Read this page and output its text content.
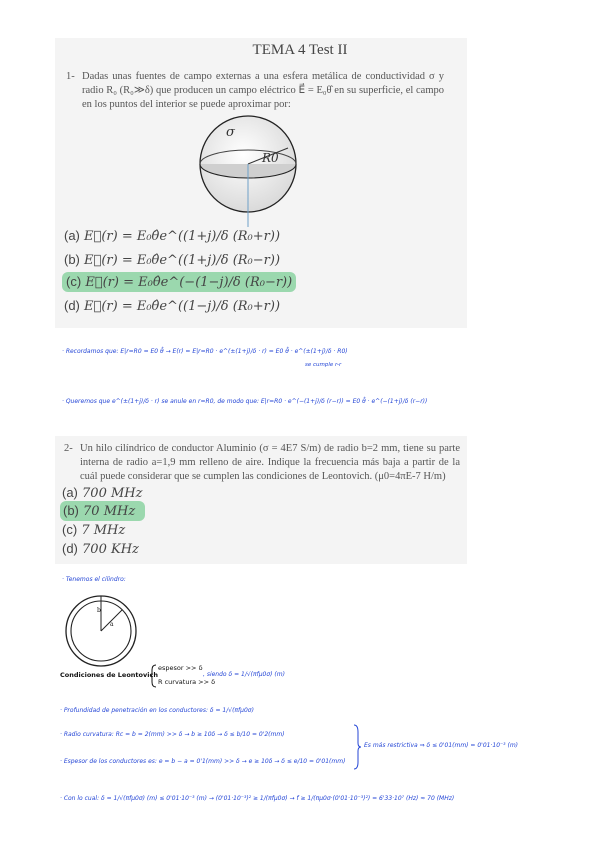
TEMA 4 Test II
1- Dadas unas fuentes de campo externas a una esfera metálica de conductividad σ y radio R₀ (R₀≫δ) que producen un campo eléctrico E⃗ = E₀θ̂ en su superficie, el campo en los puntos del interior se puede aproximar por:
σ
R0
(a) E⃗(r) = E₀θ̂e^((1+j)/δ (R₀+r))
(b) E⃗(r) = E₀θ̂e^((1+j)/δ (R₀−r))
(c) E⃗(r) = E₀θ̂e^(−(1−j)/δ (R₀−r))
(d) E⃗(r) = E₀θ̂e^((1−j)/δ (R₀+r))
· Recordamos que: E|r=R0 = E0 θ̂ → E(r) = E|r=R0 · e^(±(1+j)/δ · r) = E0 θ̂ · e^(±(1+j)/δ · R0)
se cumple r-r
· Queremos que e^(±(1+j)/δ · r) se anule en r=R0, de modo que: E|r=R0 · e^(−(1+j)/δ (r−r)) = E0 θ̂ · e^(−(1+j)/δ (r−r))
2- Un hilo cilíndrico de conductor Aluminio (σ = 4E7 S/m) de radio b=2 mm, tiene su parte interna de radio a=1,9 mm relleno de aire. Indique la frecuencia más baja a partir de la cuál puede considerar que se cumplen las condiciones de Leontovich. (μ0=4πE-7 H/m)
(a) 700 MHz
(b) 70 MHz
(c) 7 MHz
(d) 700 KHz
· Tenemos el cilindro:
b
a
Condiciones de Leontovich
espesor >> δ
R curvatura >> δ
, siendo δ = 1/√(πfμ0σ) (m)
· Profundidad de penetración en los conductores: δ = 1/√(πfμ0σ)
· Radio curvatura: Rc = b = 2(mm) >> δ → b ≥ 10δ → δ ≤ b/10 = 0'2(mm)
· Espesor de los conductores es: e = b − a = 0'1(mm) >> δ → e ≥ 10δ → δ ≤ e/10 = 0'01(mm)
Es más restrictiva ⇒ δ ≤ 0'01(mm) = 0'01·10⁻³ (m)
· Con lo cual: δ = 1/√(πfμ0σ) (m) ≤ 0'01·10⁻³ (m) → (0'01·10⁻³)² ≥ 1/(πfμ0σ) → f ≥ 1/(πμ0σ·(0'01·10⁻³)²) = 6'33·10⁷ (Hz) ≈ 70 (MHz)
